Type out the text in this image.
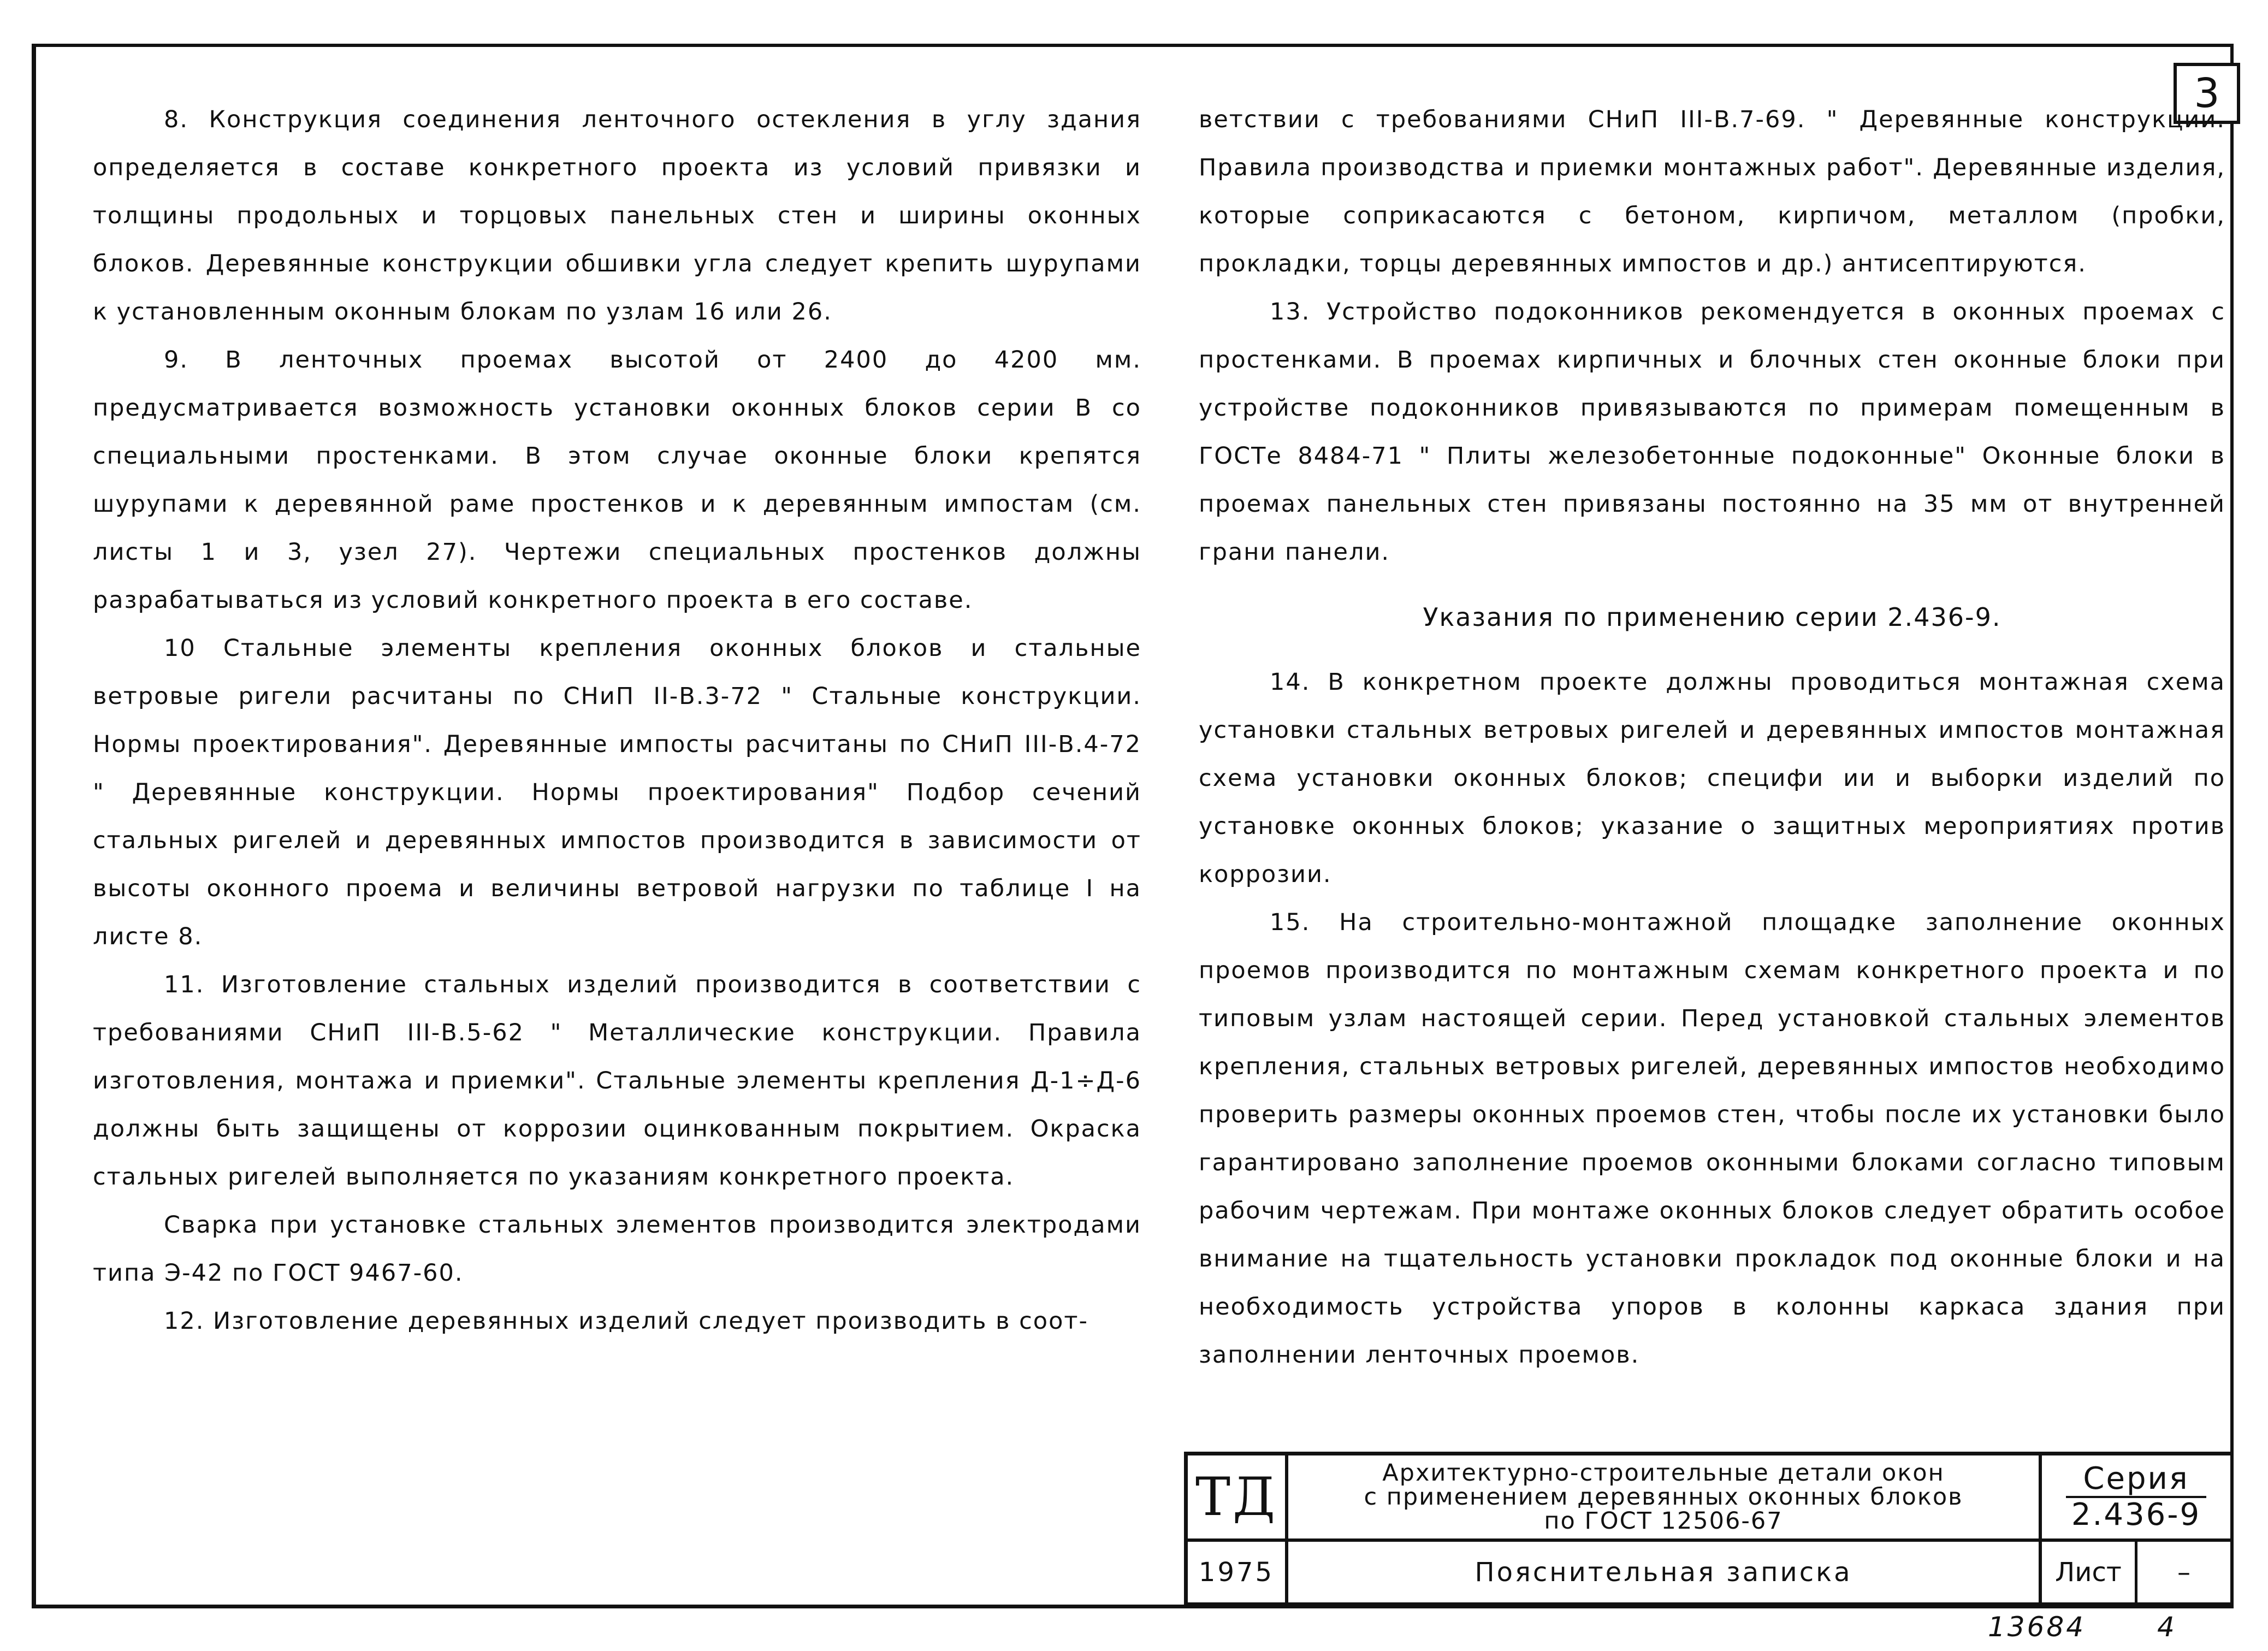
3

8. Конструкция соединения ленточного остекления в углу здания определяется в составе конкретного проекта из условий привязки и толщины продольных и торцовых панельных стен и ширины оконных блоков. Деревянные конструкции обшивки угла следует крепить шурупами к установленным оконным блокам по узлам 16 или 26.

9. В ленточных проемах высотой от 2400 до 4200 мм. предусматривается возможность установки оконных блоков серии В со специальными простенками. В этом случае оконные блоки крепятся шурупами к деревянной раме простенков и к деревянным импостам (см. листы 1 и 3, узел 27). Чертежи специальных простенков должны разрабатываться из условий конкретного проекта в его составе.

10 Стальные элементы крепления оконных блоков и стальные ветровые ригели расчитаны по СНиП II-В.3-72 " Стальные конструкции. Нормы проектирования". Деревянные импосты расчитаны по СНиП III-В.4-72 " Деревянные конструкции. Нормы проектирования" Подбор сечений стальных ригелей и деревянных импостов производится в зависимости от высоты оконного проема и величины ветровой нагрузки по таблице I на листе 8.

11. Изготовление стальных изделий производится в соответствии с требованиями СНиП III-В.5-62 " Металлические конструкции. Правила изготовления, монтажа и приемки". Стальные элементы крепления Д-1÷Д-6 должны быть защищены от коррозии оцинкованным покрытием. Окраска стальных ригелей выполняется по указаниям конкретного проекта.

Сварка при установке стальных элементов производится электродами типа Э-42 по ГОСТ 9467-60.

12. Изготовление деревянных изделий следует производить в соот-

ветствии с требованиями СНиП III-В.7-69. " Деревянные конструкции. Правила производства и приемки монтажных работ". Деревянные изделия, которые соприкасаются с бетоном, кирпичом, металлом (пробки, прокладки, торцы деревянных импостов и др.) антисептируются.

13. Устройство подоконников рекомендуется в оконных проемах с простенками. В проемах кирпичных и блочных стен оконные блоки при устройстве подоконников привязываются по примерам помещенным в ГОСТе 8484-71 " Плиты железобетонные подоконные" Оконные блоки в проемах панельных стен привязаны постоянно на 35 мм от внутренней грани панели.

Указания по применению серии 2.436-9.

14. В конкретном проекте должны проводиться монтажная схема установки стальных ветровых ригелей и деревянных импостов монтажная схема установки оконных блоков; специфи ии и выборки изделий по установке оконных блоков; указание о защитных мероприятиях против коррозии.

15. На строительно-монтажной площадке заполнение оконных проемов производится по монтажным схемам конкретного проекта и по типовым узлам настоящей серии. Перед установкой стальных элементов крепления, стальных ветровых ригелей, деревянных импостов необходимо проверить размеры оконных проемов стен, чтобы после их установки было гарантировано заполнение проемов оконными блоками согласно типовым рабочим чертежам. При монтаже оконных блоков следует обратить особое внимание на тщательность установки прокладок под оконные блоки и на необходимость устройства упоров в колонны каркаса здания при заполнении ленточных проемов.

ТД	Архитектурно-строительные детали окон
с применением деревянных оконных блоков
по ГОСТ 12506-67
Серия
2.436-9
1975	Пояснительная записка	Лист	–
13684	4
